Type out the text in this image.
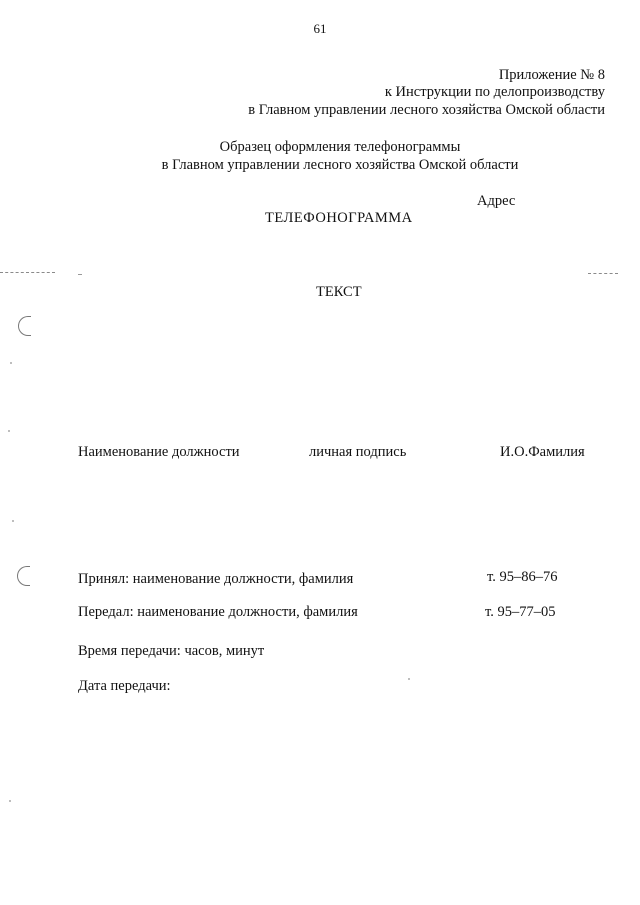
61
Приложение № 8
к Инструкции по делопроизводству
в Главном управлении лесного хозяйства Омской области
Образец оформления телефонограммы
в Главном управлении лесного хозяйства Омской области
Адрес
ТЕЛЕФОНОГРАММА
ТЕКСТ
Наименование должности	личная подпись	И.О.Фамилия
Принял: наименование должности, фамилия	т. 95–86–76
Передал: наименование должности, фамилия	т. 95–77–05
Время передачи: часов, минут
Дата передачи:
